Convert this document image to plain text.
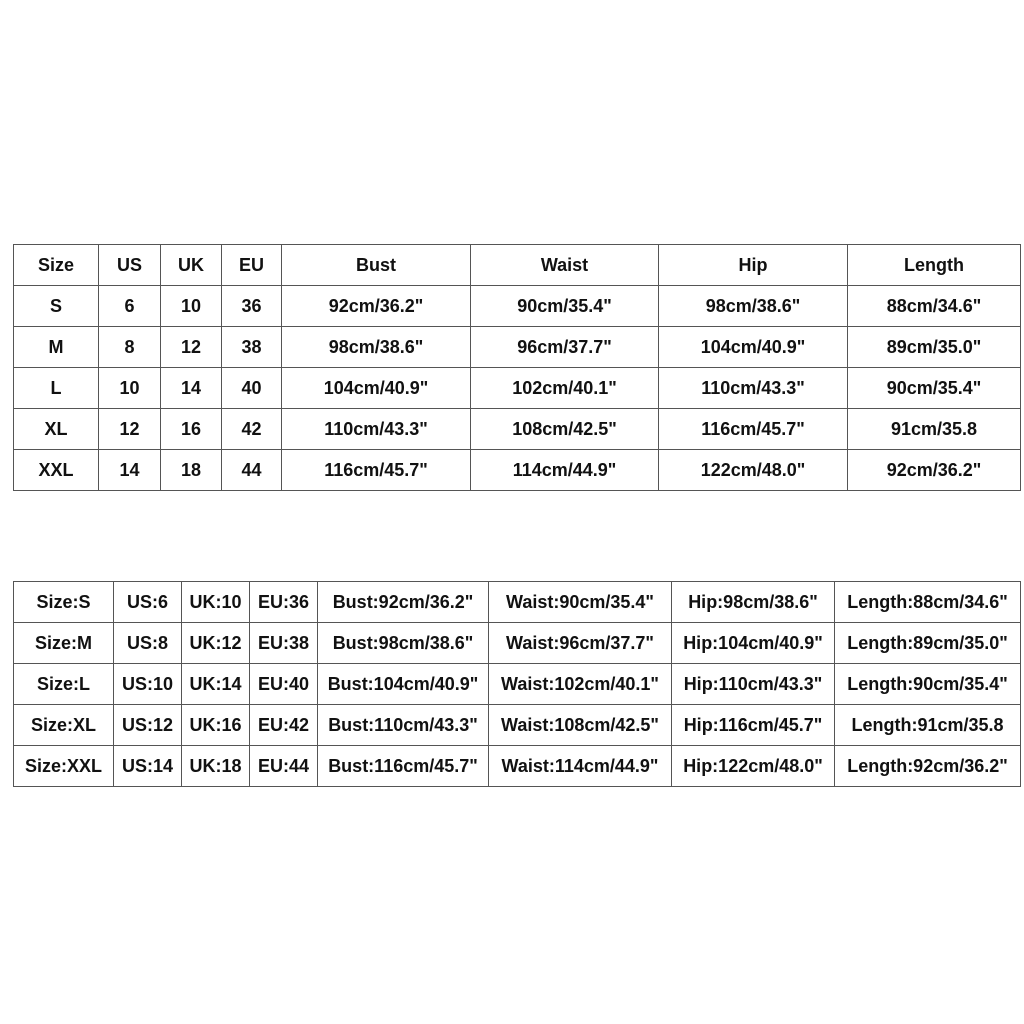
Size	US	UK	EU	Bust	Waist	Hip	Length
S	6	10	36	92cm/36.2"	90cm/35.4"	98cm/38.6"	88cm/34.6"
M	8	12	38	98cm/38.6"	96cm/37.7"	104cm/40.9"	89cm/35.0"
L	10	14	40	104cm/40.9"	102cm/40.1"	110cm/43.3"	90cm/35.4"
XL	12	16	42	110cm/43.3"	108cm/42.5"	116cm/45.7"	91cm/35.8
XXL	14	18	44	116cm/45.7"	114cm/44.9"	122cm/48.0"	92cm/36.2"
Size:S	US:6	UK:10	EU:36	Bust:92cm/36.2"	Waist:90cm/35.4"	Hip:98cm/38.6"	Length:88cm/34.6"
Size:M	US:8	UK:12	EU:38	Bust:98cm/38.6"	Waist:96cm/37.7"	Hip:104cm/40.9"	Length:89cm/35.0"
Size:L	US:10	UK:14	EU:40	Bust:104cm/40.9"	Waist:102cm/40.1"	Hip:110cm/43.3"	Length:90cm/35.4"
Size:XL	US:12	UK:16	EU:42	Bust:110cm/43.3"	Waist:108cm/42.5"	Hip:116cm/45.7"	Length:91cm/35.8
Size:XXL	US:14	UK:18	EU:44	Bust:116cm/45.7"	Waist:114cm/44.9"	Hip:122cm/48.0"	Length:92cm/36.2"
